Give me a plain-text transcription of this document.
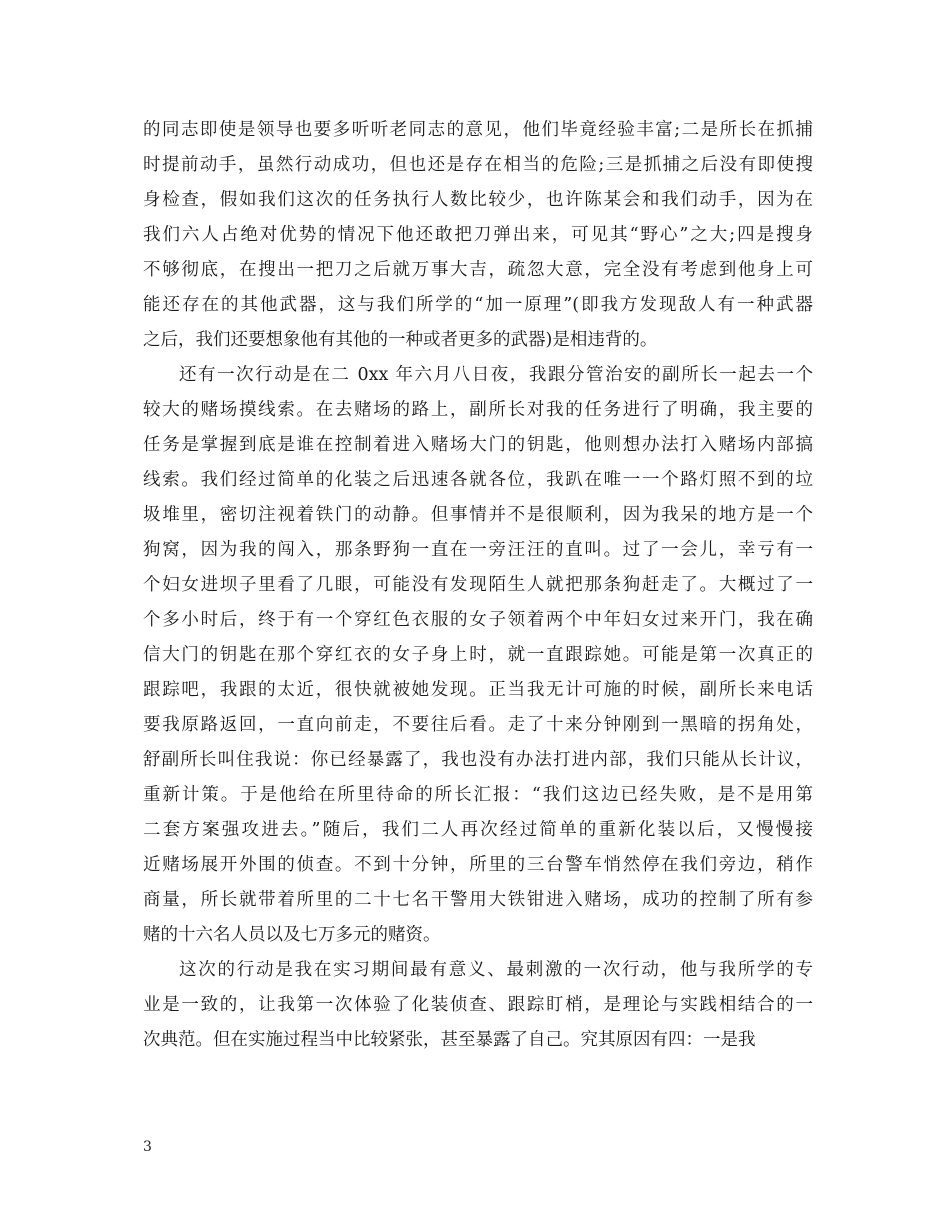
的同志即使是领导也要多听听老同志的意见，他们毕竟经验丰富;二是所长在抓捕
时提前动手，虽然行动成功，但也还是存在相当的危险;三是抓捕之后没有即使搜
身检查，假如我们这次的任务执行人数比较少，也许陈某会和我们动手，因为在
我们六人占绝对优势的情况下他还敢把刀弹出来，可见其“野心”之大;四是搜身
不够彻底，在搜出一把刀之后就万事大吉，疏忽大意，完全没有考虑到他身上可
能还存在的其他武器，这与我们所学的“加一原理”(即我方发现敌人有一种武器
之后，我们还要想象他有其他的一种或者更多的武器)是相违背的。
还有一次行动是在二 0xx 年六月八日夜，我跟分管治安的副所长一起去一个
较大的赌场摸线索。在去赌场的路上，副所长对我的任务进行了明确，我主要的
任务是掌握到底是谁在控制着进入赌场大门的钥匙，他则想办法打入赌场内部搞
线索。我们经过简单的化装之后迅速各就各位，我趴在唯一一个路灯照不到的垃
圾堆里，密切注视着铁门的动静。但事情并不是很顺利，因为我呆的地方是一个
狗窝，因为我的闯入，那条野狗一直在一旁汪汪的直叫。过了一会儿，幸亏有一
个妇女进坝子里看了几眼，可能没有发现陌生人就把那条狗赶走了。大概过了一
个多小时后，终于有一个穿红色衣服的女子领着两个中年妇女过来开门，我在确
信大门的钥匙在那个穿红衣的女子身上时，就一直跟踪她。可能是第一次真正的
跟踪吧，我跟的太近，很快就被她发现。正当我无计可施的时候，副所长来电话
要我原路返回，一直向前走，不要往后看。走了十来分钟刚到一黑暗的拐角处，
舒副所长叫住我说：你已经暴露了，我也没有办法打进内部，我们只能从长计议，
重新计策。于是他给在所里待命的所长汇报：“我们这边已经失败，是不是用第
二套方案强攻进去。”随后，我们二人再次经过简单的重新化装以后，又慢慢接
近赌场展开外围的侦查。不到十分钟，所里的三台警车悄然停在我们旁边，稍作
商量，所长就带着所里的二十七名干警用大铁钳进入赌场，成功的控制了所有参
赌的十六名人员以及七万多元的赌资。
这次的行动是我在实习期间最有意义、最刺激的一次行动，他与我所学的专
业是一致的，让我第一次体验了化装侦查、跟踪盯梢，是理论与实践相结合的一
次典范。但在实施过程当中比较紧张，甚至暴露了自己。究其原因有四：一是我
3
